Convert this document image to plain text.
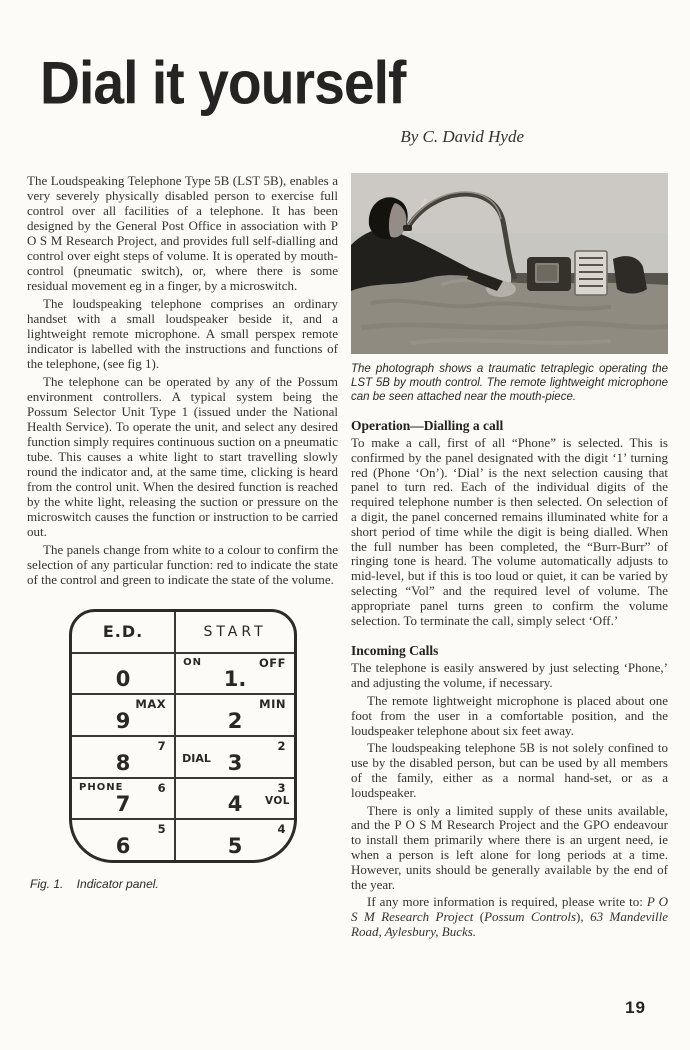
Dial it yourself
By C. David Hyde

The Loudspeaking Telephone Type 5B (LST 5B), enables a very severely physically disabled person to exercise full control over all facilities of a telephone. It has been designed by the General Post Office in association with P O S M Research Project, and provides full self-dialling and control over eight steps of volume. It is operated by mouth-control (pneumatic switch), or, where there is some residual movement eg in a finger, by a microswitch.

The loudspeaking telephone comprises an ordinary handset with a small loudspeaker beside it, and a lightweight remote microphone. A small perspex remote indicator is labelled with the instructions and functions of the telephone, (see fig 1).

The telephone can be operated by any of the Possum environment controllers. A typical system being the Possum Selector Unit Type 1 (issued under the National Health Service). To operate the unit, and select any desired function simply requires continuous suction on a pneumatic tube. This causes a white light to start travelling slowly round the indicator and, at the same time, clicking is heard from the control unit. When the desired function is reached by the white light, releasing the suction or pressure on the microswitch causes the function or instruction to be carried out.

The panels change from white to a colour to confirm the selection of any particular function: red to indicate the state of the control and green to indicate the state of the volume.

E.D.	START
0
ON
1.
OFF
9
MAX
2
MIN
8
7
DIAL 3
2
PHONE
7
6
4
3
VOL
6
5
5
4
Fig. 1.    Indicator panel.

The photograph shows a traumatic tetraplegic operating the LST 5B by mouth control. The remote lightweight microphone can be seen attached near the mouth-piece.

Operation—Dialling a call

To make a call, first of all “Phone” is selected. This is confirmed by the panel designated with the digit ‘1’ turning red (Phone ‘On’). ‘Dial’ is the next selection causing that panel to turn red. Each of the individual digits of the required telephone number is then selected. On selection of a digit, the panel concerned remains illuminated white for a short period of time while the digit is being dialled. When the full number has been completed, the “Burr-Burr” of ringing tone is heard. The volume automatically adjusts to mid-level, but if this is too loud or quiet, it can be varied by selecting “Vol” and the required level of volume. The appropriate panel turns green to confirm the volume selection. To terminate the call, simply select ‘Off.’

Incoming Calls

The telephone is easily answered by just selecting ‘Phone,’ and adjusting the volume, if necessary.

The remote lightweight microphone is placed about one foot from the user in a comfortable position, and the loudspeaker telephone about six feet away.

The loudspeaking telephone 5B is not solely confined to use by the disabled person, but can be used by all members of the family, either as a normal hand-set, or as a loudspeaker.

There is only a limited supply of these units available, and the P O S M Research Project and the GPO endeavour to install them primarily where there is an urgent need, ie when a person is left alone for long periods at a time. However, units should be generally available by the end of the year.

If any more information is required, please write to: P O S M Research Project (Possum Controls), 63 Mandeville Road, Aylesbury, Bucks.

19
